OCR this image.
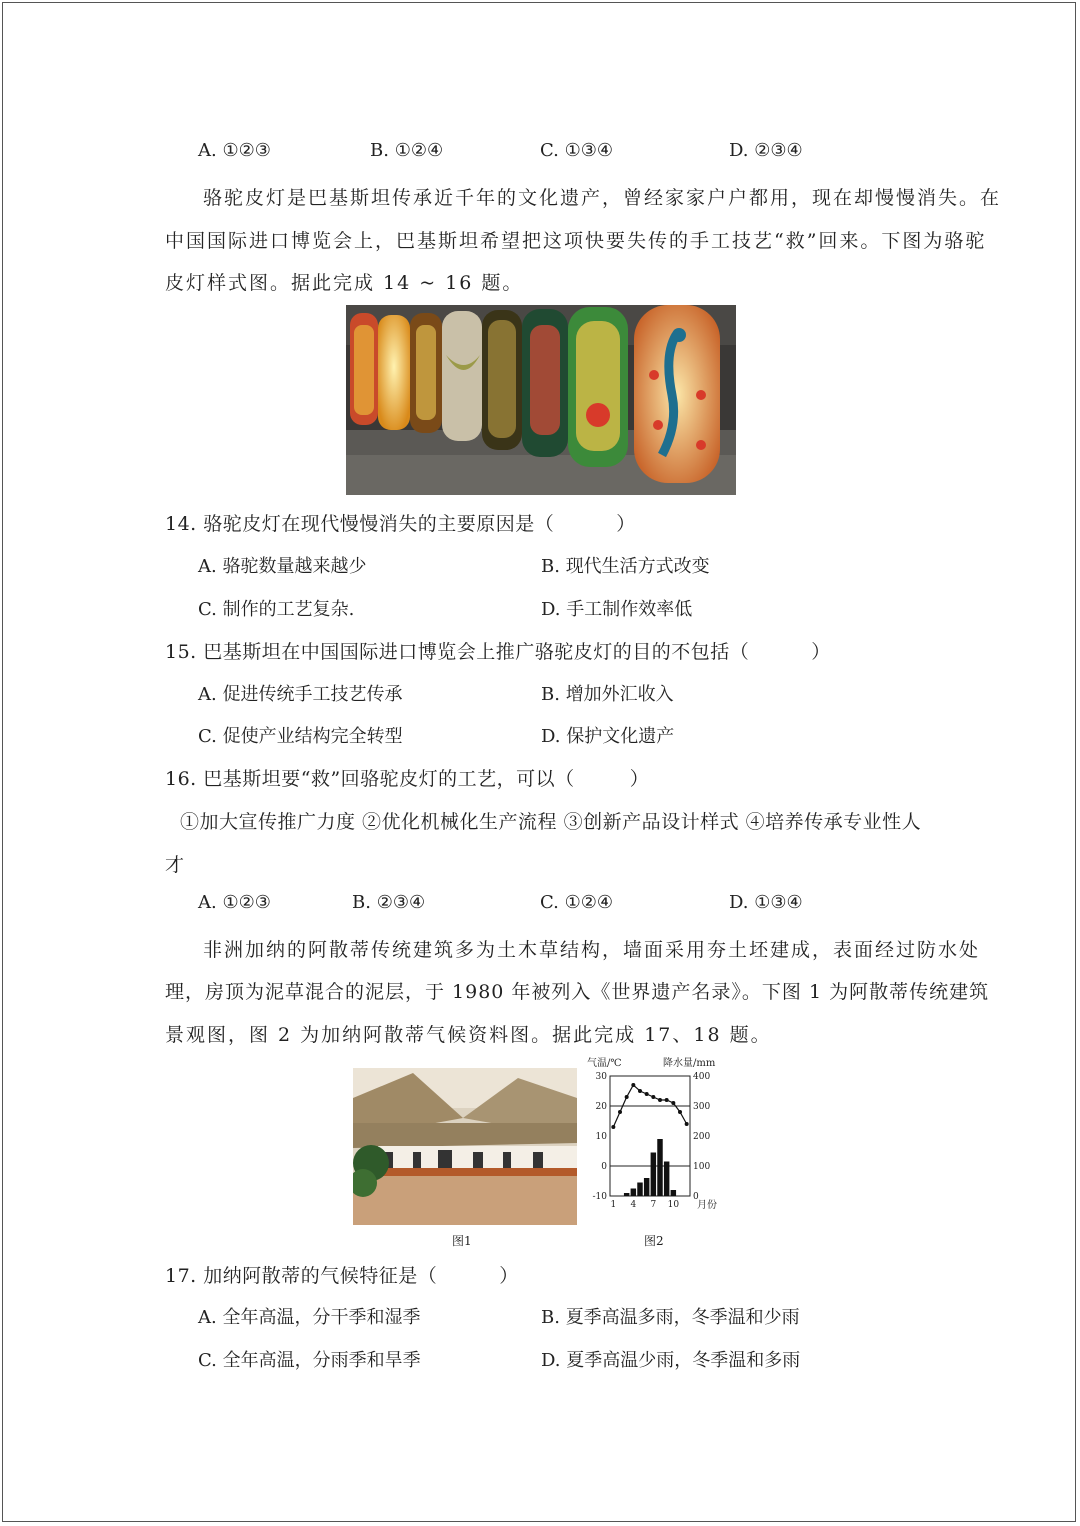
A. ①②③	B. ①②④	C. ①③④	D. ②③④
骆驼皮灯是巴基斯坦传承近千年的文化遗产，曾经家家户户都用，现在却慢慢消失。在
中国国际进口博览会上，巴基斯坦希望把这项快要失传的手工技艺“救”回来。下图为骆驼
皮灯样式图。据此完成 14 ~ 16 题。
14. 骆驼皮灯在现代慢慢消失的主要原因是（	）
A. 骆驼数量越来越少	B. 现代生活方式改变
C. 制作的工艺复杂.	D. 手工制作效率低
15. 巴基斯坦在中国国际进口博览会上推广骆驼皮灯的目的不包括（	）
A. 促进传统手工技艺传承	B. 增加外汇收入
C. 促使产业结构完全转型	D. 保护文化遗产
16. 巴基斯坦要“救”回骆驼皮灯的工艺，可以（	）
①加大宣传推广力度 ②优化机械化生产流程 ③创新产品设计样式 ④培养传承专业性人
才
A. ①②③	B. ②③④	C. ①②④	D. ①③④
非洲加纳的阿散蒂传统建筑多为土木草结构，墙面采用夯土坯建成，表面经过防水处
理，房顶为泥草混合的泥层，于 1980 年被列入《世界遗产名录》。下图 1 为阿散蒂传统建筑
景观图，图 2 为加纳阿散蒂气候资料图。据此完成 17、18 题。
气温/℃	降水量/mm
30
20
10
0
-10
400
300
200
100
0
1 4 7 10 月份
图1	图2
17. 加纳阿散蒂的气候特征是（	）
A. 全年高温，分干季和湿季	B. 夏季高温多雨，冬季温和少雨
C. 全年高温，分雨季和旱季	D. 夏季高温少雨，冬季温和多雨
